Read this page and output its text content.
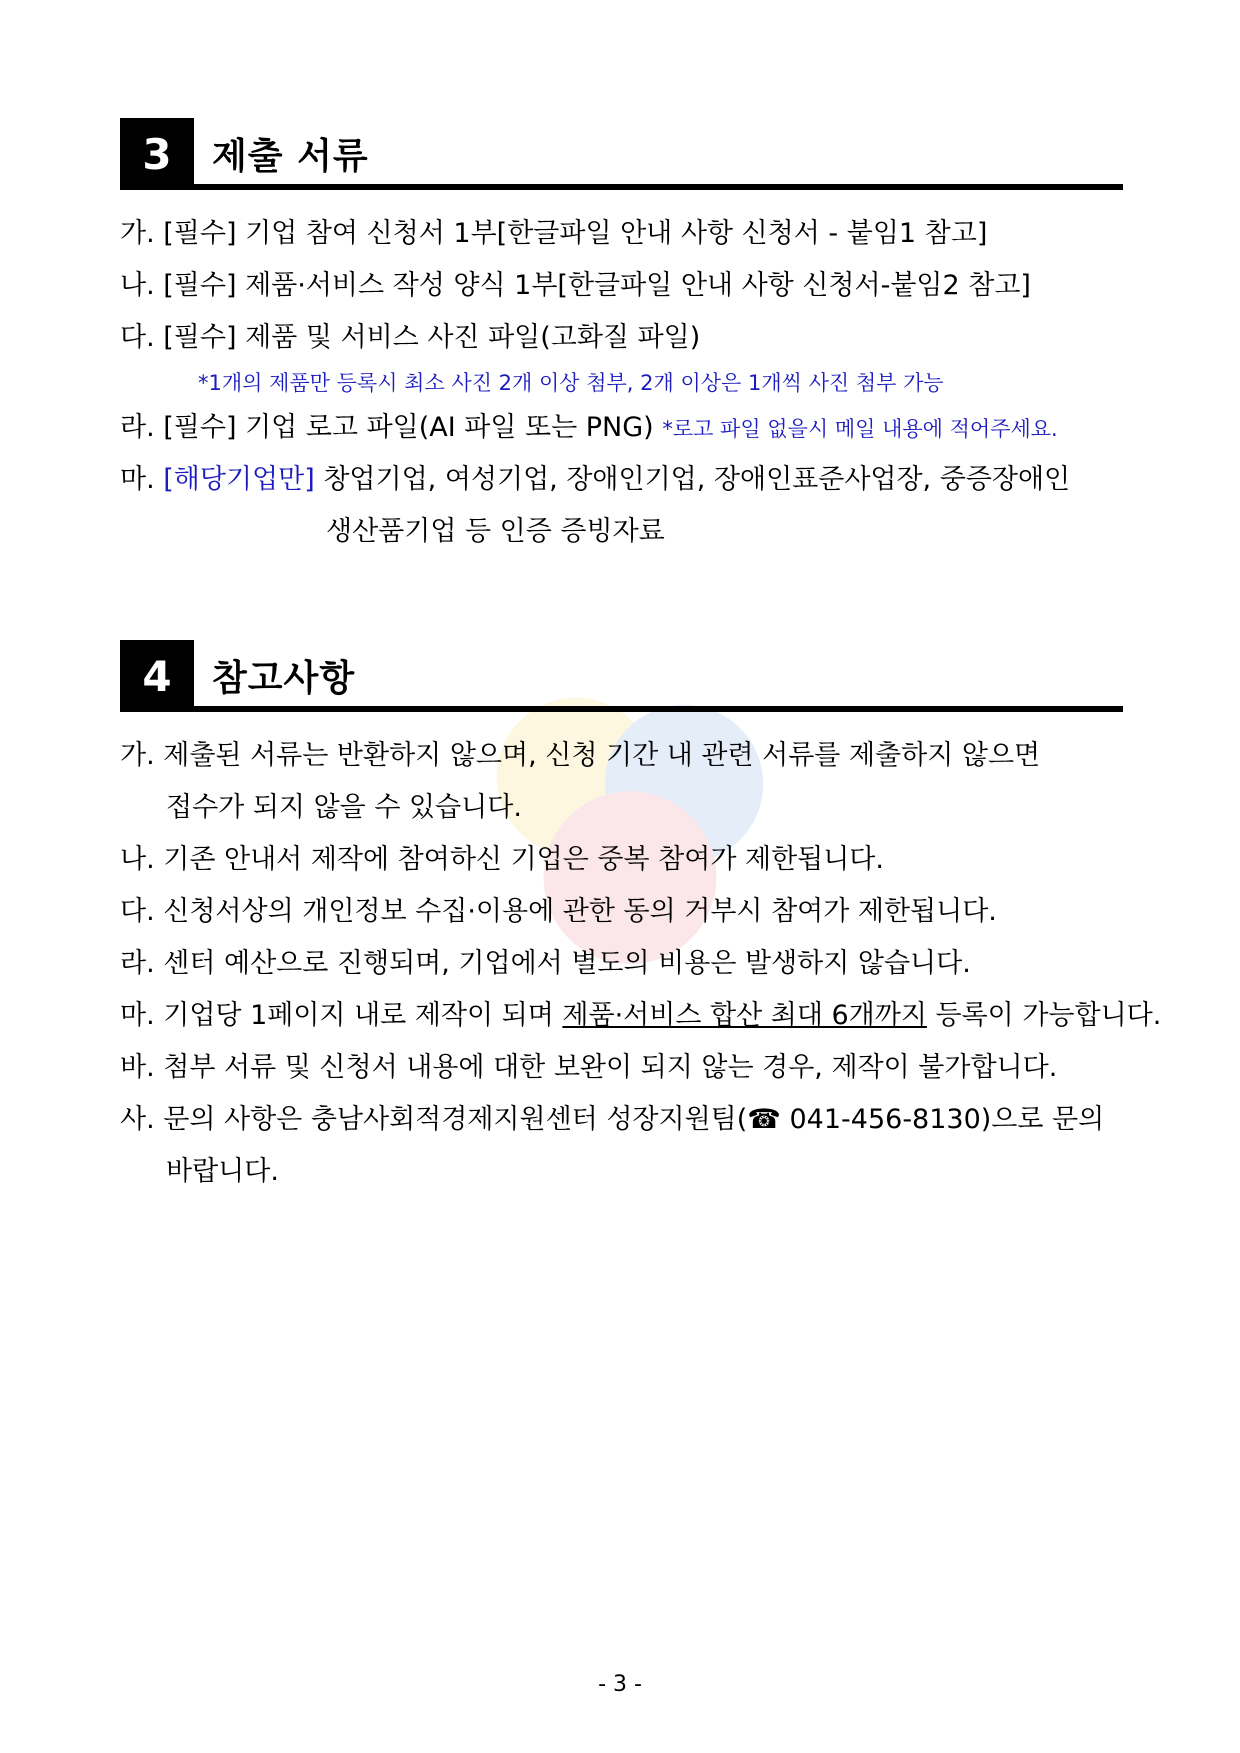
3	제출 서류
가. [필수] 기업 참여 신청서 1부[한글파일 안내 사항 신청서 - 붙임1 참고]
나. [필수] 제품·서비스 작성 양식 1부[한글파일 안내 사항 신청서-붙임2 참고]
다. [필수] 제품 및 서비스 사진 파일(고화질 파일)
*1개의 제품만 등록시 최소 사진 2개 이상 첨부, 2개 이상은 1개씩 사진 첨부 가능
라. [필수] 기업 로고 파일(AI 파일 또는 PNG) *로고 파일 없을시 메일 내용에 적어주세요.
마. [해당기업만] 창업기업, 여성기업, 장애인기업, 장애인표준사업장, 중증장애인
생산품기업 등 인증 증빙자료
4	참고사항
가. 제출된 서류는 반환하지 않으며, 신청 기간 내 관련 서류를 제출하지 않으면
접수가 되지 않을 수 있습니다.
나. 기존 안내서 제작에 참여하신 기업은 중복 참여가 제한됩니다.
다. 신청서상의 개인정보 수집·이용에 관한 동의 거부시 참여가 제한됩니다.
라. 센터 예산으로 진행되며, 기업에서 별도의 비용은 발생하지 않습니다.
마. 기업당 1페이지 내로 제작이 되며 제품·서비스 합산 최대 6개까지 등록이 가능합니다.
바. 첨부 서류 및 신청서 내용에 대한 보완이 되지 않는 경우, 제작이 불가합니다.
사. 문의 사항은 충남사회적경제지원센터 성장지원팀(☎ 041-456-8130)으로 문의
바랍니다.
- 3 -
